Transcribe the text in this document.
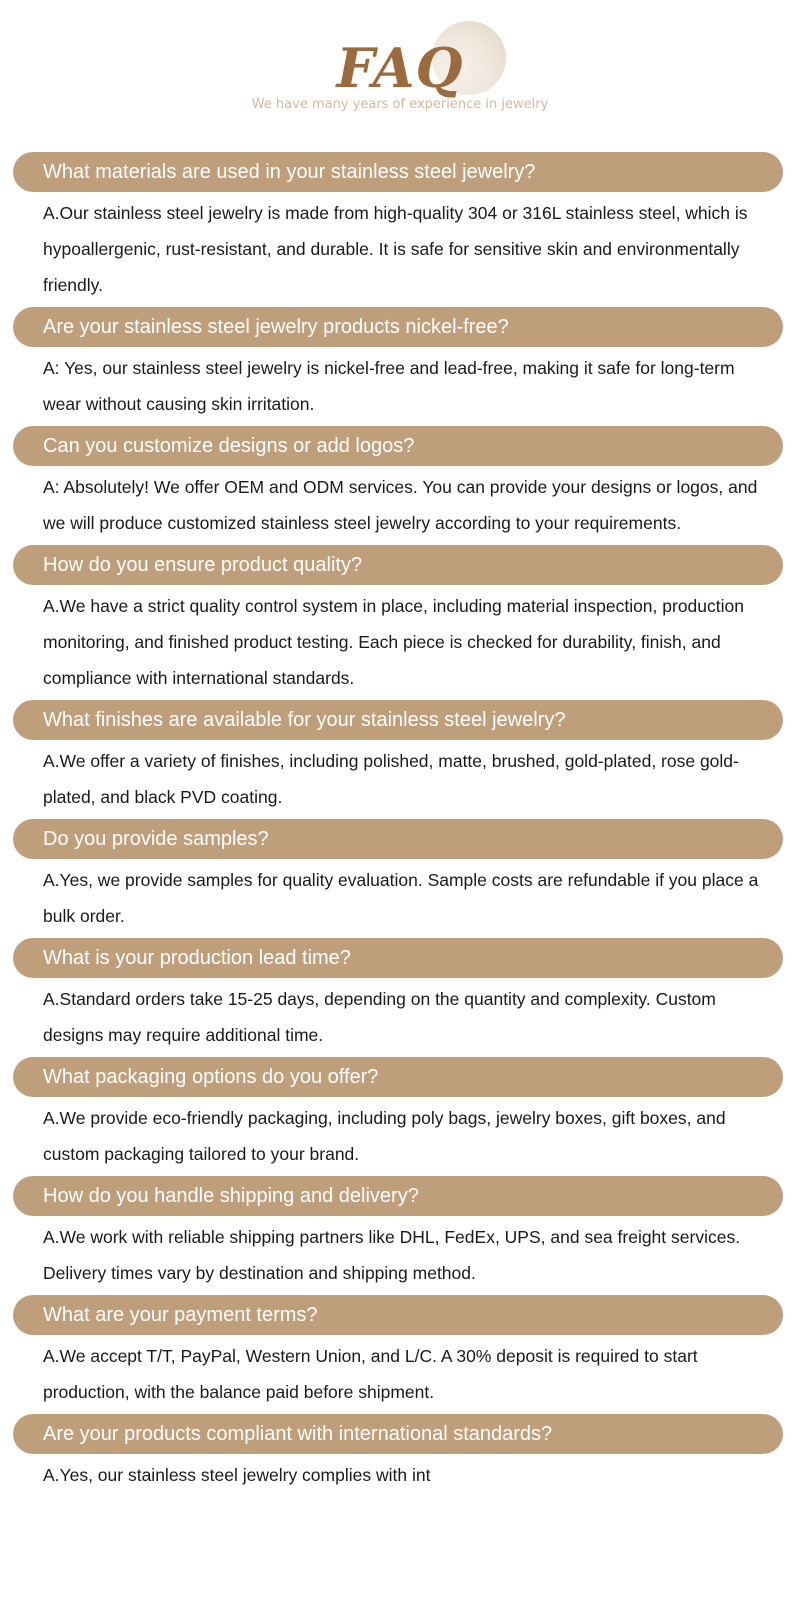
FAQ
We have many years of experience in jewelry
What materials are used in your stainless steel jewelry?
A.Our stainless steel jewelry is made from high-quality 304 or 316L stainless steel, which is hypoallergenic, rust-resistant, and durable. It is safe for sensitive skin and environmentally friendly.
Are your stainless steel jewelry products nickel-free?
A: Yes, our stainless steel jewelry is nickel-free and lead-free, making it safe for long-term wear without causing skin irritation.
Can you customize designs or add logos?
A: Absolutely! We offer OEM and ODM services. You can provide your designs or logos, and we will produce customized stainless steel jewelry according to your requirements.
How do you ensure product quality?
A.We have a strict quality control system in place, including material inspection, production monitoring, and finished product testing. Each piece is checked for durability, finish, and compliance with international standards.
What finishes are available for your stainless steel jewelry?
A.We offer a variety of finishes, including polished, matte, brushed, gold-plated, rose gold-plated, and black PVD coating.
Do you provide samples?
A.Yes, we provide samples for quality evaluation. Sample costs are refundable if you place a bulk order.
What is your production lead time?
A.Standard orders take 15-25 days, depending on the quantity and complexity. Custom designs may require additional time.
What packaging options do you offer?
A.We provide eco-friendly packaging, including poly bags, jewelry boxes, gift boxes, and custom packaging tailored to your brand.
How do you handle shipping and delivery?
A.We work with reliable shipping partners like DHL, FedEx, UPS, and sea freight services. Delivery times vary by destination and shipping method.
What are your payment terms?
A.We accept T/T, PayPal, Western Union, and L/C. A 30% deposit is required to start production, with the balance paid before shipment.
Are your products compliant with international standards?
A.Yes, our stainless steel jewelry complies with int
